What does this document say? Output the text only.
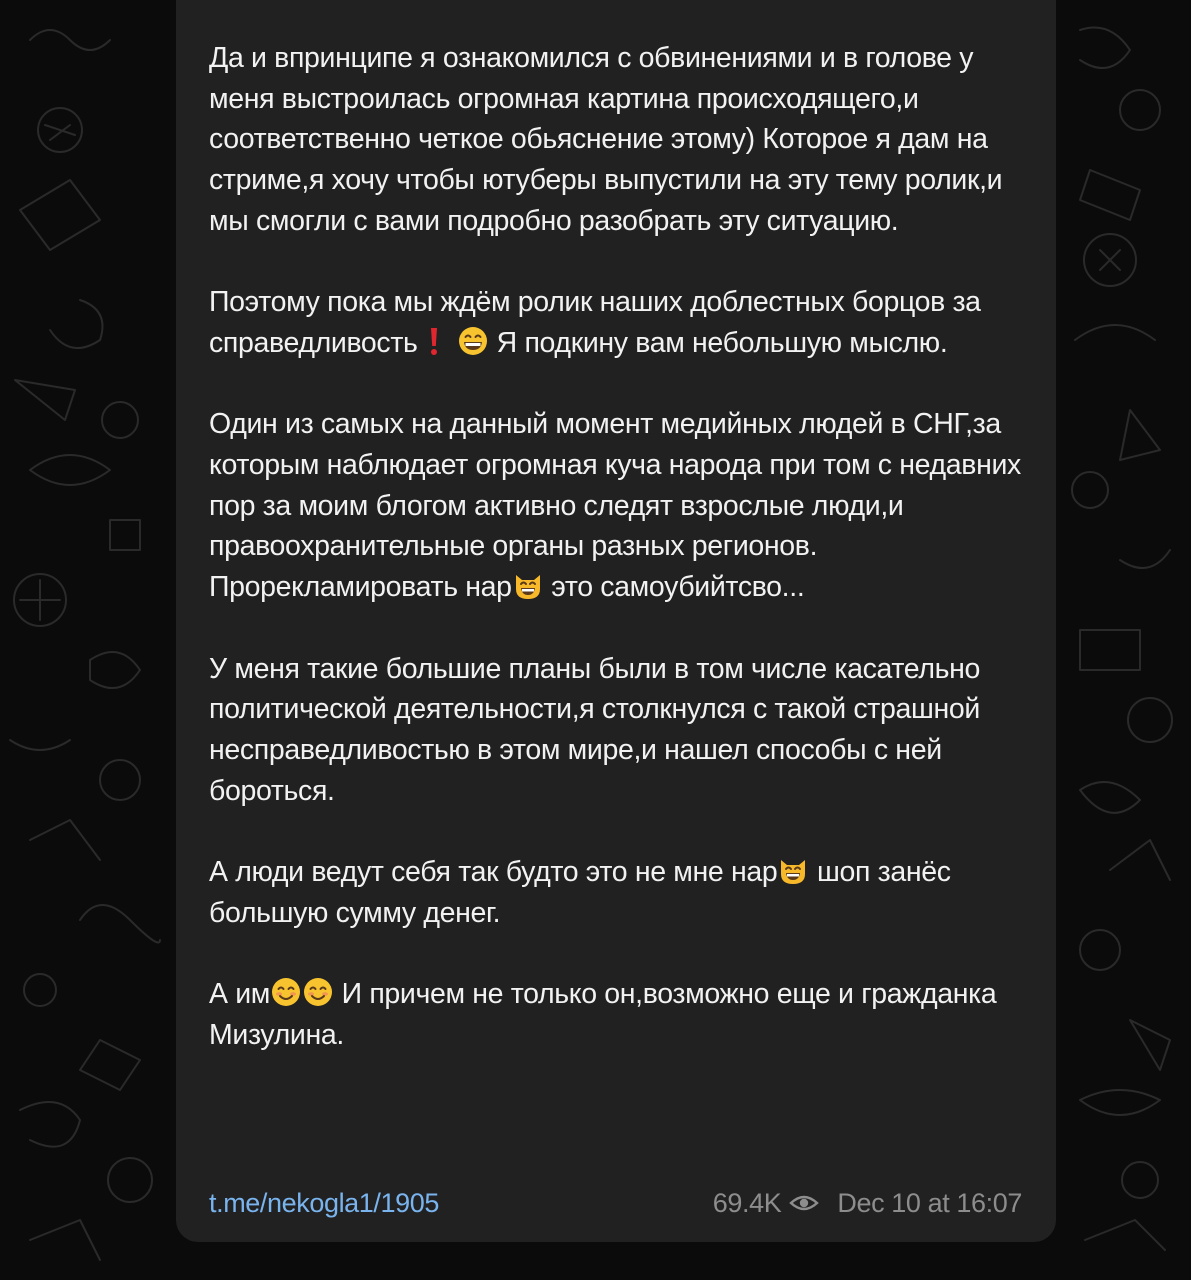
Да и впринципе я ознакомился с обвинениями и в голове у меня выстроилась огромная картина происходящего,и соответственно четкое обьяснение этому) Которое я дам на стриме,я хочу чтобы ютуберы выпустили на эту тему ролик,и мы смогли с вами подробно разобрать эту ситуацию.
Поэтому пока мы ждём ролик наших доблестных борцов за справедливость	Я подкину вам небольшую мыслю.
Один из самых на данный момент медийных людей в СНГ,за которым наблюдает огромная куча народа при том с недавних пор за моим блогом активно следят взрослые люди,и правоохранительные органы разных регионов.
Прорекламировать нар это самоубийтсво...
У меня такие большие планы были в том числе касательно политической деятельности,я столкнулся с такой страшной несправедливостью в этом мире,и нашел способы с ней бороться.
А люди ведут себя так будто это не мне нар шоп занёс большую сумму денег.
А им И причем не только он,возможно еще и гражданка Мизулина.
t.me/nekogla1/1905	69.4K Dec 10 at 16:07
